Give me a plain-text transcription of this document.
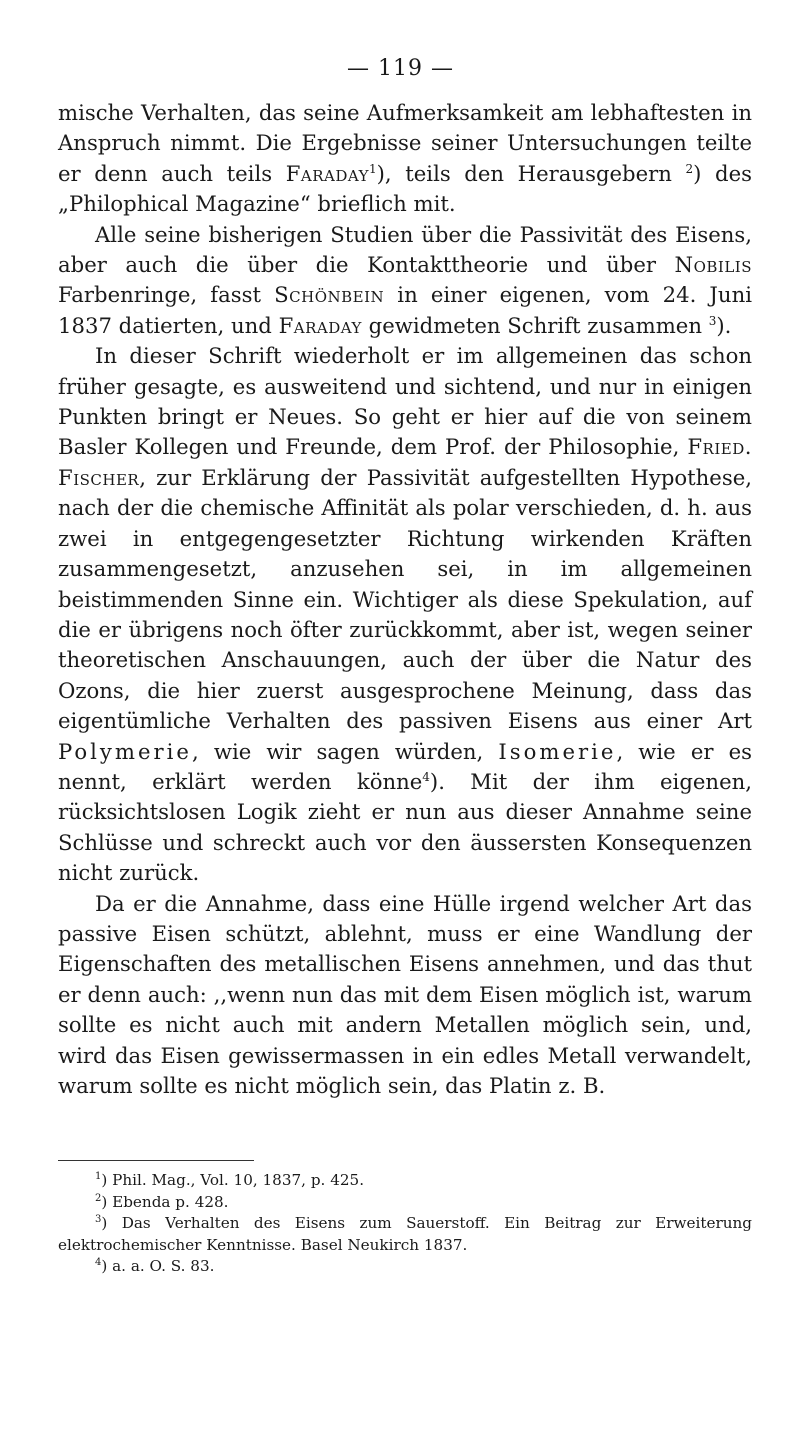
— 119 —

mische Verhalten, das seine Aufmerksamkeit am lebhaftesten in Anspruch nimmt. Die Ergebnisse seiner Untersuchungen teilte er denn auch teils Faraday$^1$), teils den Herausgebern $^2$) des „Philophical Magazine“ brieflich mit.

Alle seine bisherigen Studien über die Passivität des Eisens, aber auch die über die Kontakttheorie und über Nobilis Farbenringe, fasst Schönbein in einer eigenen, vom 24. Juni 1837 datierten, und Faraday gewidmeten Schrift zusammen $^3$).

In dieser Schrift wiederholt er im allgemeinen das schon früher gesagte, es ausweitend und sichtend, und nur in einigen Punkten bringt er Neues. So geht er hier auf die von seinem Basler Kollegen und Freunde, dem Prof. der Philosophie, Fried. Fischer, zur Erklärung der Passivität aufgestellten Hypothese, nach der die chemische Affinität als polar verschieden, d. h. aus zwei in entgegengesetzter Richtung wirkenden Kräften zusammengesetzt, anzusehen sei, in im allgemeinen beistimmenden Sinne ein. Wichtiger als diese Spekulation, auf die er übrigens noch öfter zurückkommt, aber ist, wegen seiner theoretischen Anschauungen, auch der über die Natur des Ozons, die hier zuerst ausgesprochene Meinung, dass das eigentümliche Verhalten des passiven Eisens aus einer Art Polymerie, wie wir sagen würden, Isomerie, wie er es nennt, erklärt werden könne$^4$). Mit der ihm eigenen, rücksichtslosen Logik zieht er nun aus dieser Annahme seine Schlüsse und schreckt auch vor den äussersten Konsequenzen nicht zurück.

Da er die Annahme, dass eine Hülle irgend welcher Art das passive Eisen schützt, ablehnt, muss er eine Wandlung der Eigenschaften des metallischen Eisens annehmen, und das thut er denn auch: ,,wenn nun das mit dem Eisen möglich ist, warum sollte es nicht auch mit andern Metallen möglich sein, und, wird das Eisen gewissermassen in ein edles Metall verwandelt, warum sollte es nicht möglich sein, das Platin z. B.

$^1$) Phil. Mag., Vol. 10, 1837, p. 425.

$^2$) Ebenda p. 428.

$^3$) Das Verhalten des Eisens zum Sauerstoff. Ein Beitrag zur Erweiterung elektrochemischer Kenntnisse. Basel Neukirch 1837.

$^4$) a. a. O. S. 83.
